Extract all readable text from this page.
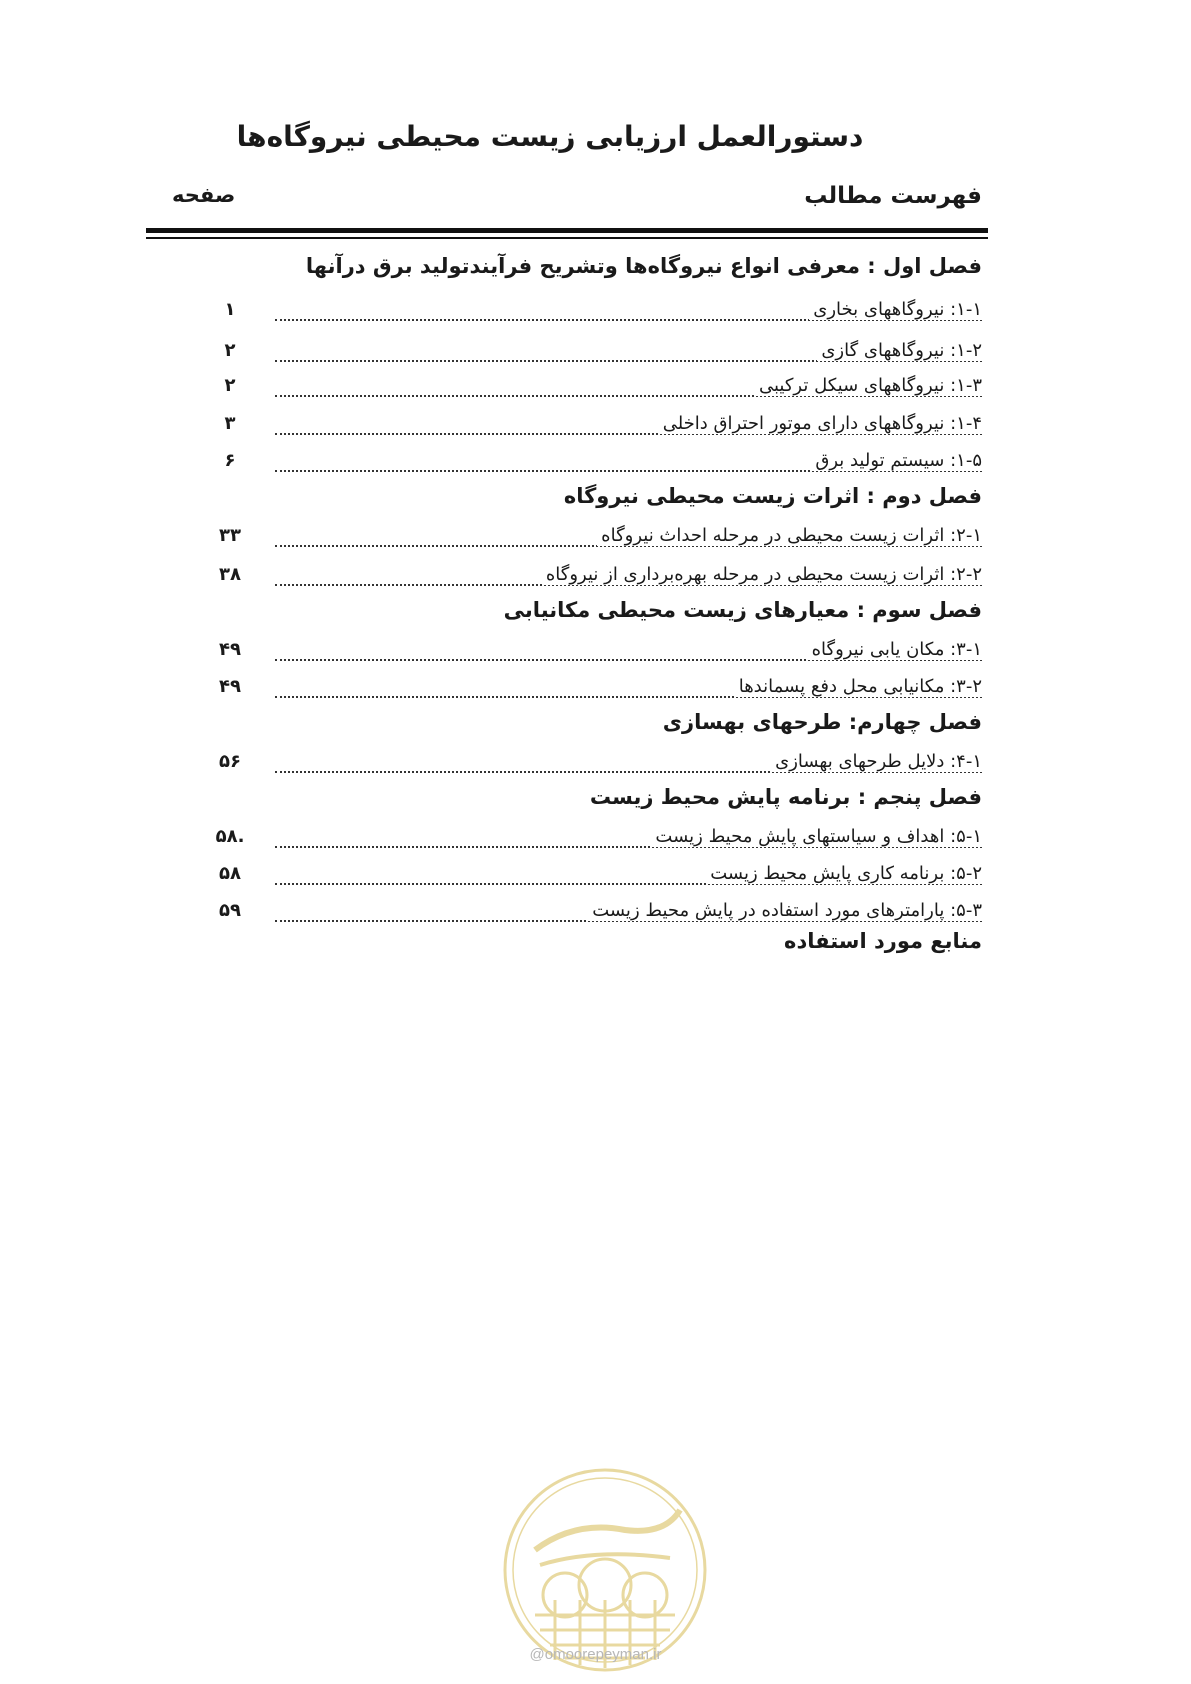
دستورالعمل ارزیابی زیست محیطی نیروگاه‌ها
فهرست مطالب
صفحه
فصل اول : معرفی انواع نیروگاه‌ها وتشریح فرآیندتولید برق درآنها
۱-۱: نیروگاههای بخاری
۱
۱-۲: نیروگاههای گازی
۲
۱-۳: نیروگاههای سیکل ترکیبی
۲
۱-۴: نیروگاههای دارای موتور احتراق داخلی
۳
۱-۵: سیستم تولید برق
۶
فصل دوم : اثرات زیست محیطی نیروگاه
۲-۱: اثرات زیست محیطی در مرحله احداث نیروگاه
۳۳
۲-۲: اثرات زیست محیطی در مرحله بهره‌برداری از نیروگاه
۳۸
فصل سوم : معیارهای زیست محیطی مکانیابی
۳-۱: مکان یابی نیروگاه
۴۹
۳-۲: مکانیابی محل دفع پسماندها
۴۹
فصل چهارم: طرحهای بهسازی
۴-۱: دلایل طرحهای بهسازی
۵۶
فصل پنجم : برنامه پایش محیط زیست
۵-۱: اهداف و سیاستهای پایش محیط زیست
۵۸.
۵-۲: برنامه کاری پایش محیط زیست
۵۸
۵-۳: پارامترهای مورد استفاده در پایش محیط زیست
۵۹
منابع مورد استفاده
@omoorepeyman.ir
